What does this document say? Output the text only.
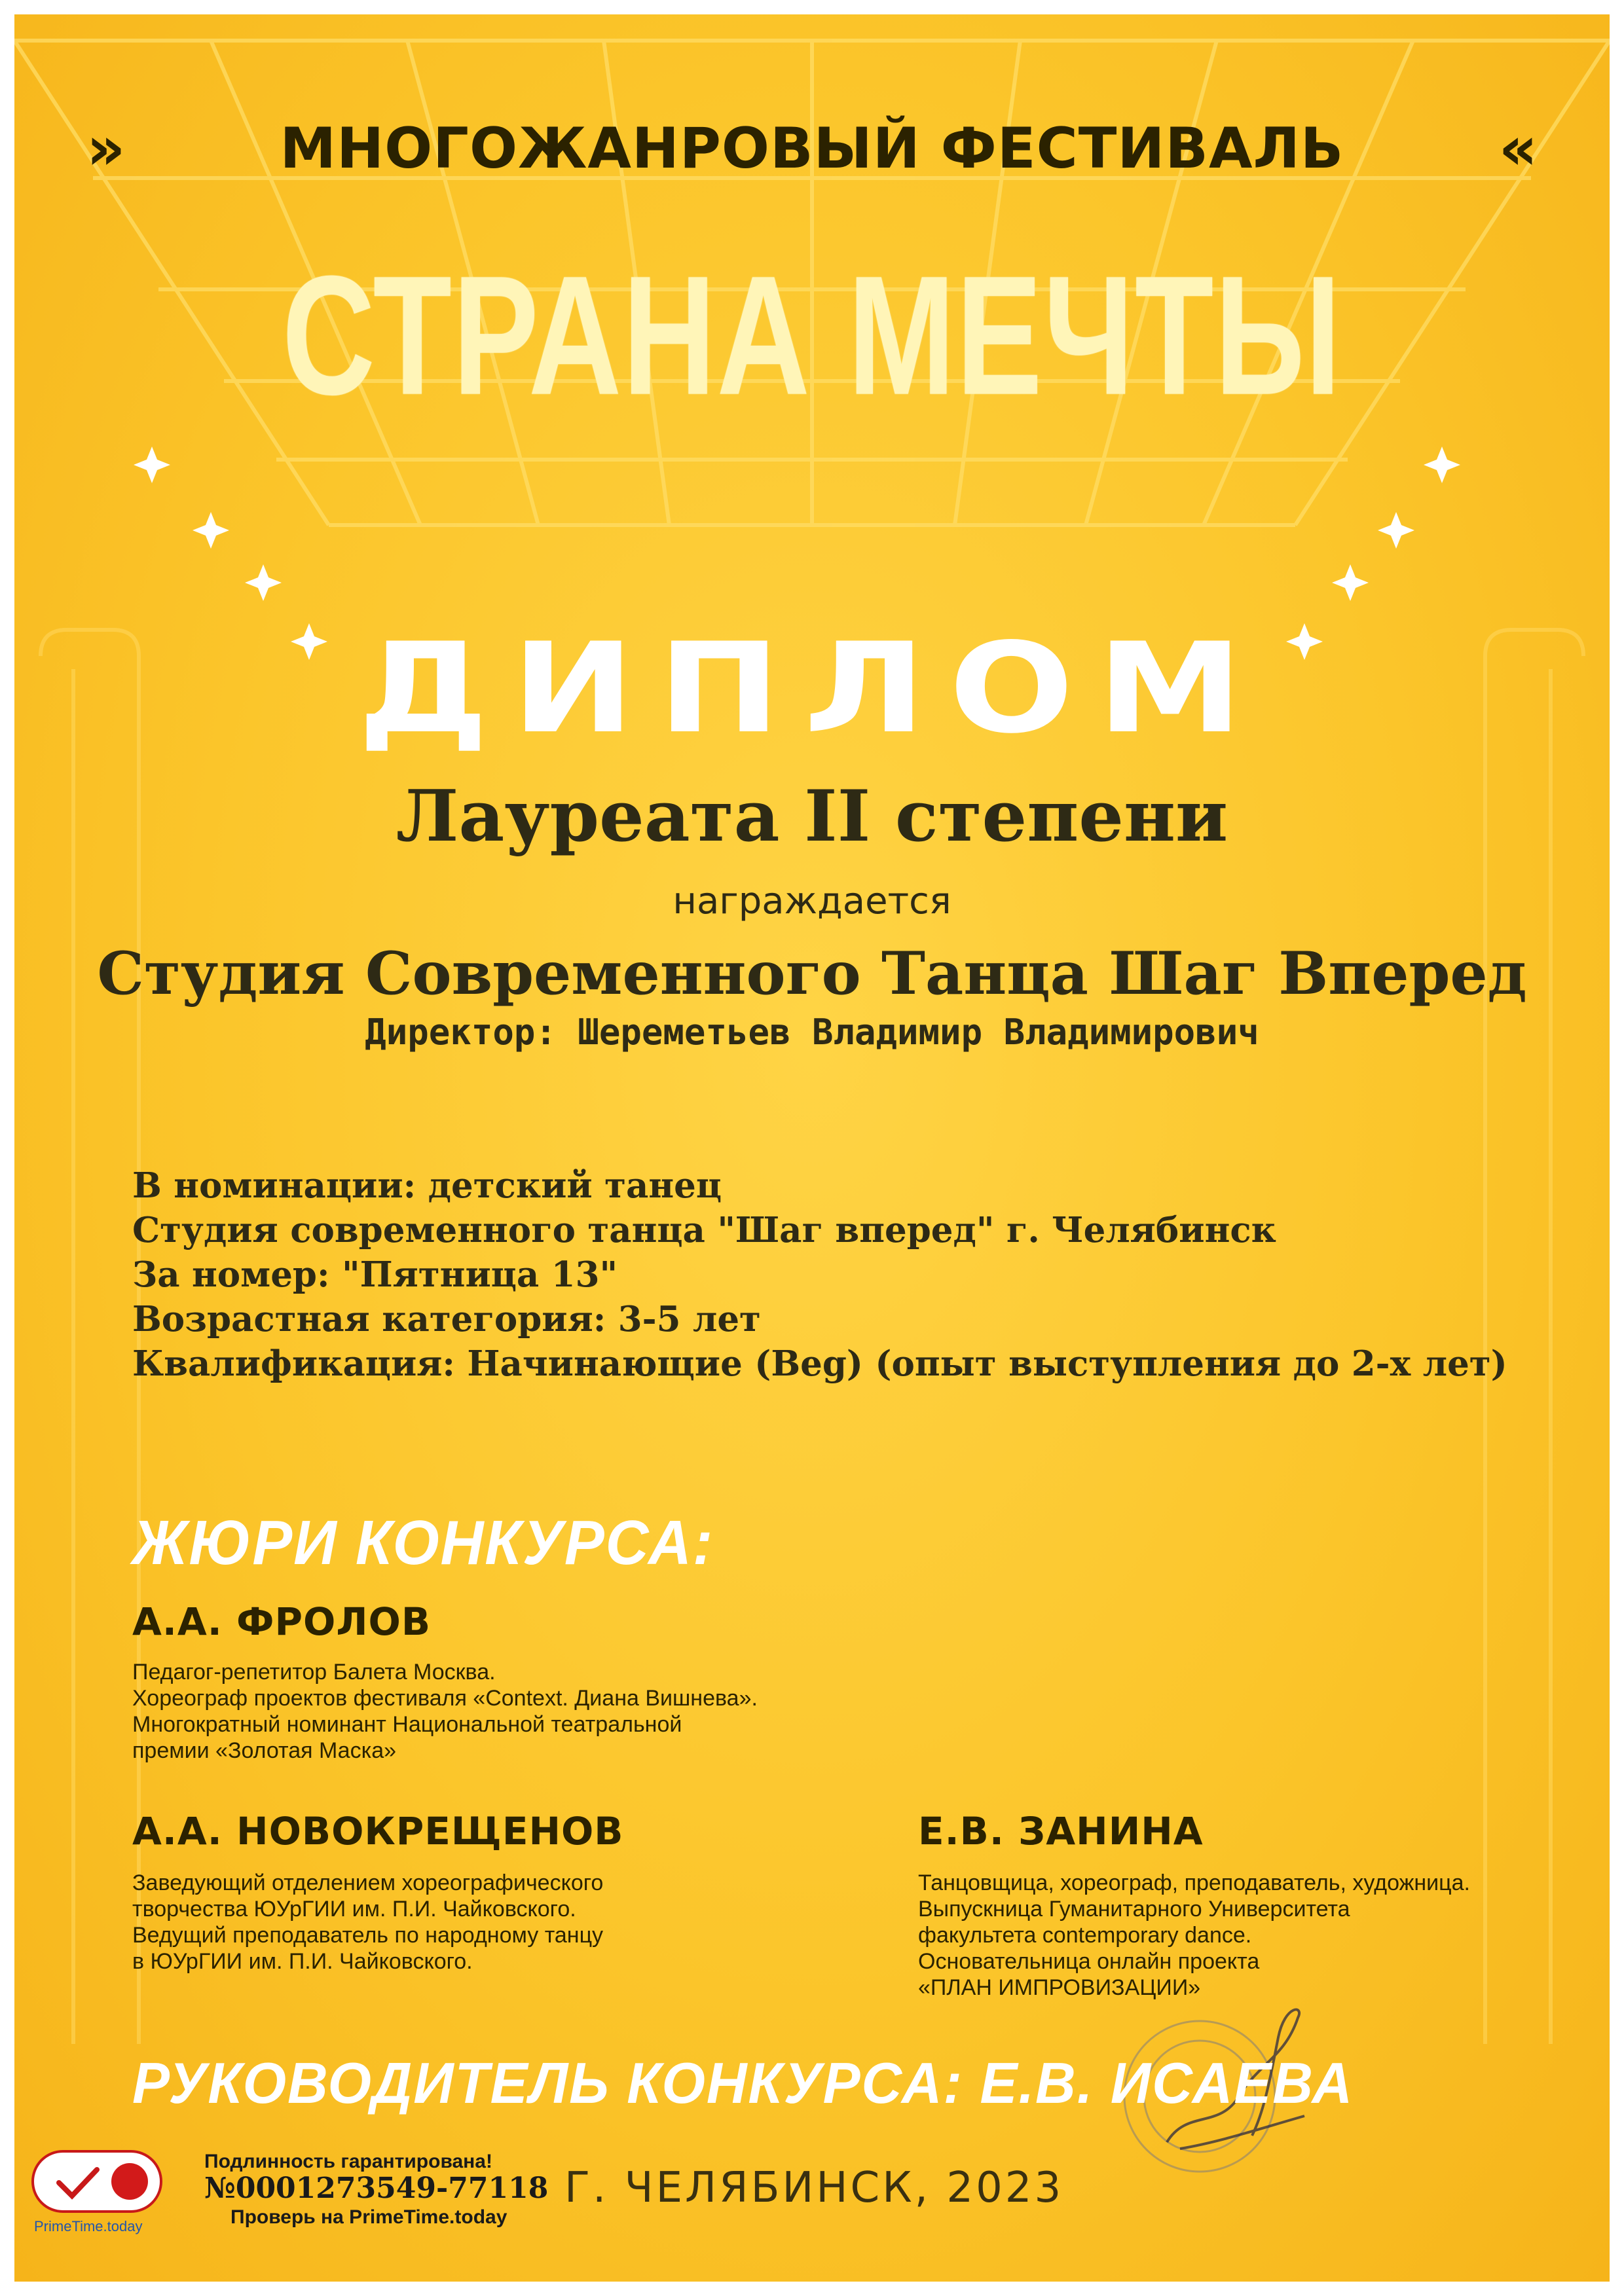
»	МНОГОЖАНРОВЫЙ ФЕСТИВАЛЬ	«
СТРАНА МЕЧТЫ
ДИПЛОМ
Лауреата II степени
награждается
Студия Современного Танца Шаг Вперед
Директор: Шереметьев Владимир Владимирович
В номинации: детский танец
Студия современного танца "Шаг вперед" г. Челябинск
За номер: "Пятница 13"
Возрастная категория: 3-5 лет
Квалификация: Начинающие (Beg) (опыт выступления до 2-х лет)
ЖЮРИ КОНКУРСА:
А.А. ФРОЛОВ
Педагог-репетитор Балета Москва.
Хореограф проектов фестиваля «Context. Диана Вишнева».
Многократный номинант Национальной театральной
премии «Золотая Маска»
А.А. НОВОКРЕЩЕНОВ
Заведующий отделением хореографического
творчества ЮУрГИИ им. П.И. Чайковского.
Ведущий преподаватель по народному танцу
в ЮУрГИИ им. П.И. Чайковского.
Е.В. ЗАНИНА
Танцовщица, хореограф, преподаватель, художница.
Выпускница Гуманитарного Университета
факультета contemporary dance.
Основательница онлайн проекта
«ПЛАН ИМПРОВИЗАЦИИ»
РУКОВОДИТЕЛЬ КОНКУРСА: Е.В. ИСАЕВА
PrimeTime.today
Подлинность гарантирована!
№0001273549-77118
Проверь на PrimeTime.today
Г. ЧЕЛЯБИНСК, 2023
